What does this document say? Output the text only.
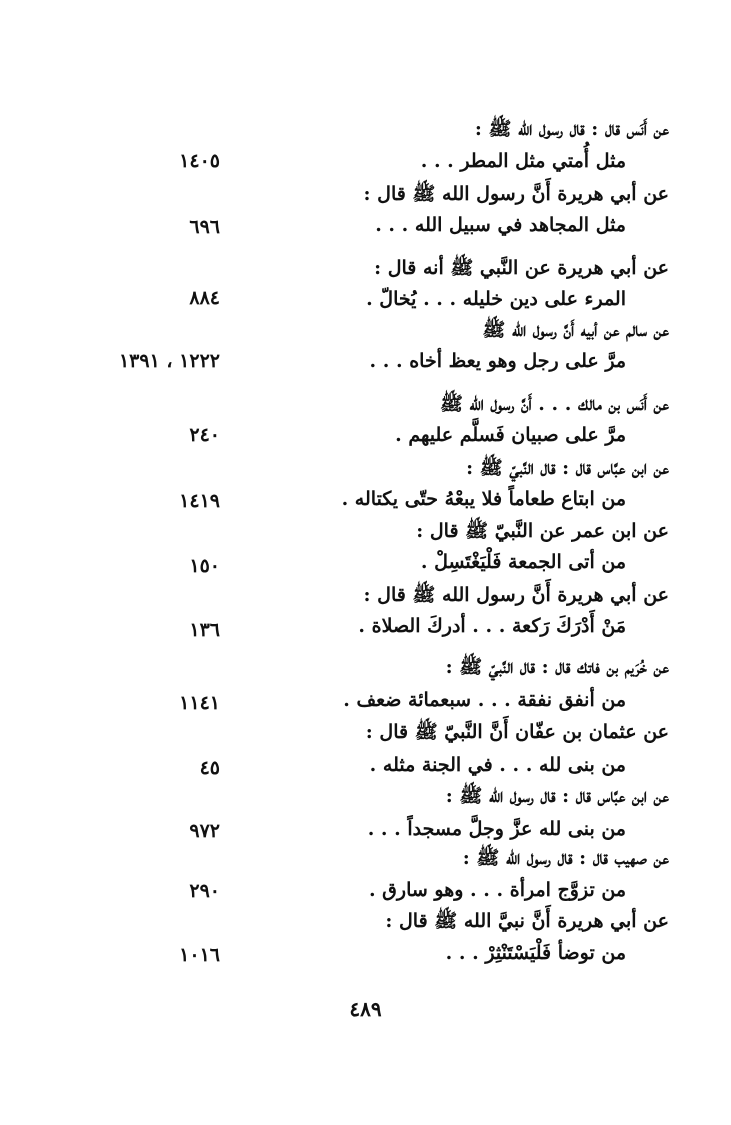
عن أَنَس قال : قال رسول الله ﷺ :
مثل أُمتي مثل المطر . . .
١٤٠٥
عن أبي هريرة أَنَّ رسول الله ﷺ قال :
مثل المجاهد في سبيل الله . . .
٦٩٦
عن أبي هريرة عن النَّبي ﷺ أنه قال :
المرء على دين خليله . . . يُخالّ .
٨٨٤
عن سالم عن أبيه أَنَّ رسول الله ﷺ
مرَّ على رجل وهو يعظ أخاه . . .
١٢٢٢ ، ١٣٩١
عن أَنَس بن مالك . . . أَنَّ رسول الله ﷺ
مرَّ على صبيان فَسلَّم عليهم .
٢٤٠
عن ابن عبَّاس قال : قال النَّبيّ ﷺ :
من ابتاع طعاماً فلا يبعْهُ حتّى يكتاله .
١٤١٩
عن ابن عمر عن النَّبيّ ﷺ قال :
من أتى الجمعة فَلْيَغْتَسِلْ .
١٥٠
عن أبي هريرة أَنَّ رسول الله ﷺ قال :
مَنْ أَدْرَكَ رَكعة . . . أدركَ الصلاة .
١٣٦
عن خُرَيم بن فاتك قال : قال النَّبيّ ﷺ :
من أنفق نفقة . . . سبعمائة ضعف .
١١٤١
عن عثمان بن عفّان أَنَّ النَّبيّ ﷺ قال :
من بنى لله . . . في الجنة مثله .
٤٥
عن ابن عبَّاس قال : قال رسول الله ﷺ :
من بنى لله عزَّ وجلَّ مسجداً . . .
٩٧٢
عن صهيب قال : قال رسول الله ﷺ :
من تزوَّج امرأة . . . وهو سارق .
٢٩٠
عن أبي هريرة أَنَّ نبيَّ الله ﷺ قال :
من توضأ فَلْيَسْتَنْثِرْ . . .
١٠١٦
٤٨٩
